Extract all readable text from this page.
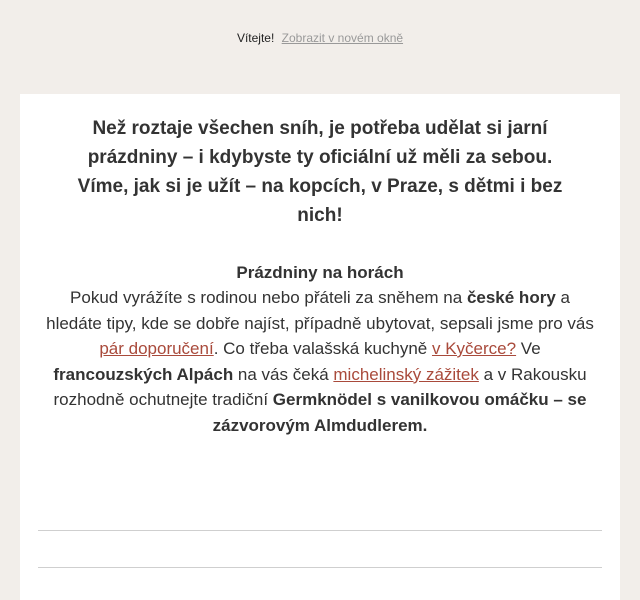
Vítejte! Zobrazit v novém okně
Než roztaje všechen sníh, je potřeba udělat si jarní prázdniny – i kdybyste ty oficiální už měli za sebou. Víme, jak si je užít – na kopcích, v Praze, s dětmi i bez nich!
Prázdniny na horách
Pokud vyrážíte s rodinou nebo přáteli za sněhem na české hory a hledáte tipy, kde se dobře najíst, případně ubytovat, sepsali jsme pro vás pár doporučení. Co třeba valašská kuchyně v Kyčerce? Ve francouzských Alpách na vás čeká michelinský zážitek a v Rakousku rozhodně ochutnejte tradiční Germknödel s vanilkovou omáčku – se zázvorovým Almdudlerem.
